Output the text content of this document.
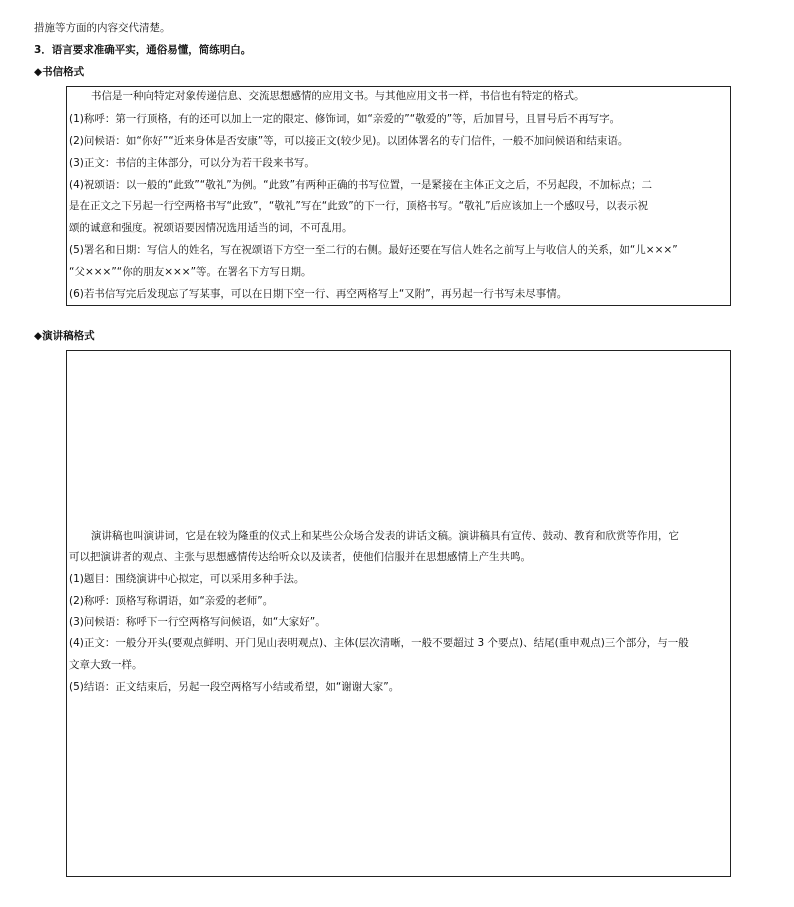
措施等方面的内容交代清楚。
3．语言要求准确平实，通俗易懂，简练明白。
◆书信格式
书信是一种向特定对象传递信息、交流思想感情的应用文书。与其他应用文书一样，书信也有特定的格式。
(1)称呼：第一行顶格，有的还可以加上一定的限定、修饰词，如“亲爱的”“敬爱的”等，后加冒号，且冒号后不再写字。
(2)问候语：如“你好”“近来身体是否安康”等，可以接正文(较少见)。以团体署名的专门信件，一般不加问候语和结束语。
(3)正文：书信的主体部分，可以分为若干段来书写。
(4)祝颂语：以一般的“此致”“敬礼”为例。“此致”有两种正确的书写位置，一是紧接在主体正文之后，不另起段，不加标点；二
是在正文之下另起一行空两格书写“此致”，“敬礼”写在“此致”的下一行，顶格书写。“敬礼”后应该加上一个感叹号，以表示祝
颂的诚意和强度。祝颂语要因情况选用适当的词，不可乱用。
(5)署名和日期：写信人的姓名，写在祝颂语下方空一至二行的右侧。最好还要在写信人姓名之前写上与收信人的关系，如“儿×××”
“父×××”“你的朋友×××”等。在署名下方写日期。
(6)若书信写完后发现忘了写某事，可以在日期下空一行、再空两格写上“又附”，再另起一行书写未尽事情。
◆演讲稿格式
演讲稿也叫演讲词，它是在较为隆重的仪式上和某些公众场合发表的讲话文稿。演讲稿具有宣传、鼓动、教育和欣赏等作用，它
可以把演讲者的观点、主张与思想感情传达给听众以及读者，使他们信服并在思想感情上产生共鸣。
(1)题目：围绕演讲中心拟定，可以采用多种手法。
(2)称呼：顶格写称谓语，如“亲爱的老师”。
(3)问候语：称呼下一行空两格写问候语，如“大家好”。
(4)正文：一般分开头(要观点鲜明、开门见山表明观点)、主体(层次清晰，一般不要超过 3 个要点)、结尾(重申观点)三个部分，与一般
文章大致一样。
(5)结语：正文结束后，另起一段空两格写小结或希望，如“谢谢大家”。
